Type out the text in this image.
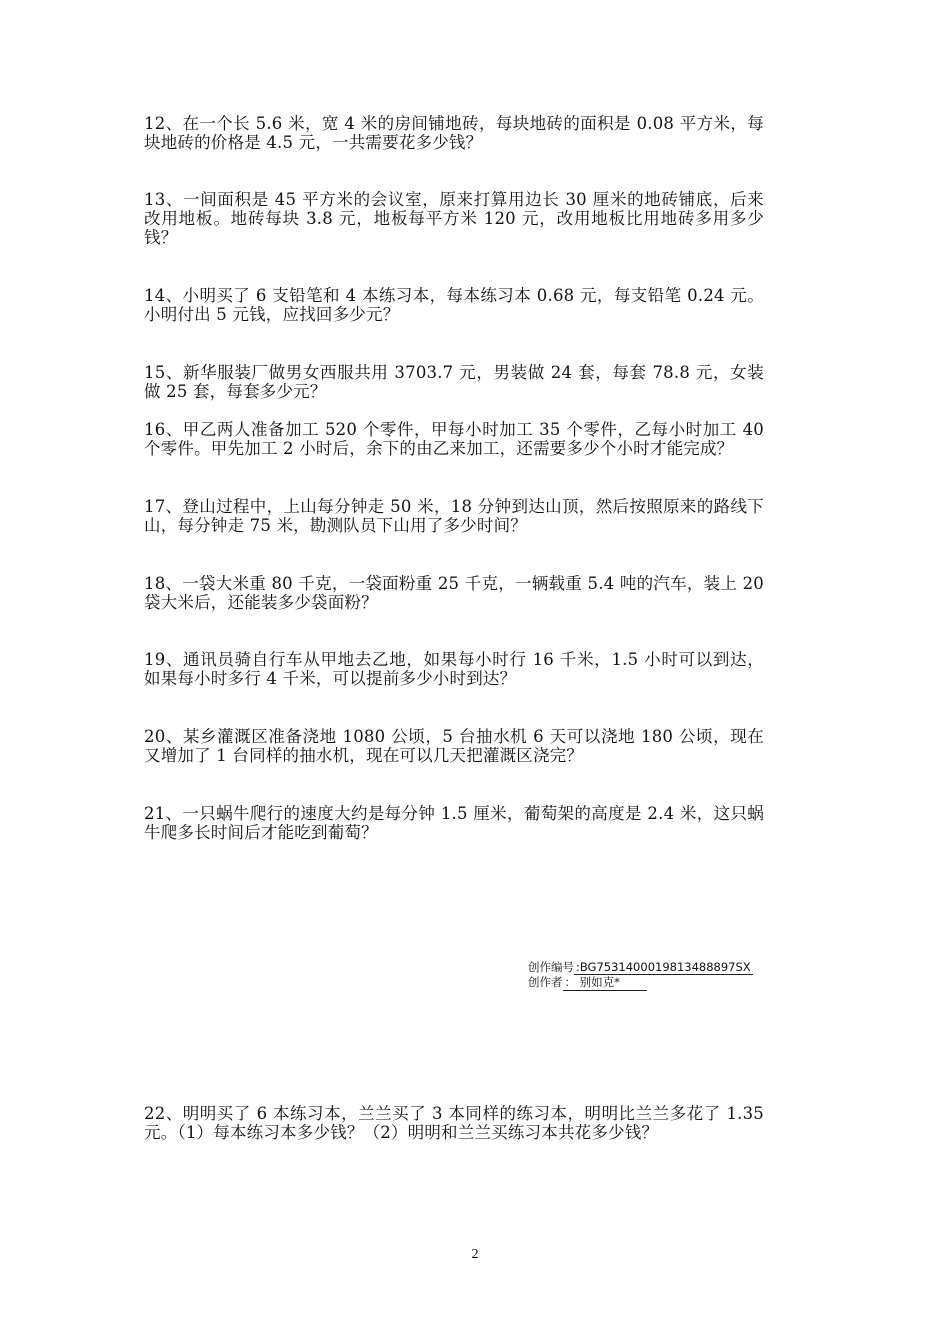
12、在一个长 5.6 米，宽 4 米的房间铺地砖，每块地砖的面积是 0.08 平方米，每块地砖的价格是 4.5 元，一共需要花多少钱？

13、一间面积是 45 平方米的会议室，原来打算用边长 30 厘米的地砖铺底，后来改用地板。地砖每块 3.8 元，地板每平方米 120 元，改用地板比用地砖多用多少钱？

14、小明买了 6 支铅笔和 4 本练习本，每本练习本 0.68 元，每支铅笔 0.24 元。小明付出 5 元钱，应找回多少元？

15、新华服装厂做男女西服共用 3703.7 元，男装做 24 套，每套 78.8 元，女装做 25 套，每套多少元？

16、甲乙两人准备加工 520 个零件，甲每小时加工 35 个零件，乙每小时加工 40 个零件。甲先加工 2 小时后，余下的由乙来加工，还需要多少个小时才能完成？

17、登山过程中，上山每分钟走 50 米，18 分钟到达山顶，然后按照原来的路线下山，每分钟走 75 米，勘测队员下山用了多少时间？

18、一袋大米重 80 千克，一袋面粉重 25 千克，一辆载重 5.4 吨的汽车，装上 20 袋大米后，还能装多少袋面粉？

19、通讯员骑自行车从甲地去乙地，如果每小时行 16 千米，1.5 小时可以到达，如果每小时多行 4 千米，可以提前多少小时到达？

20、某乡灌溉区准备浇地 1080 公顷，5 台抽水机 6 天可以浇地 180 公顷，现在又增加了 1 台同样的抽水机，现在可以几天把灌溉区浇完？

21、一只蜗牛爬行的速度大约是每分钟 1.5 厘米，葡萄架的高度是 2.4 米，这只蜗牛爬多长时间后才能吃到葡萄？

创作编号 :BG7531400019813488897SX
创作者 ： 别如克*

22、明明买了 6 本练习本，兰兰买了 3 本同样的练习本，明明比兰兰多花了 1.35 元。（1）每本练习本多少钱？（2）明明和兰兰买练习本共花多少钱？

2
